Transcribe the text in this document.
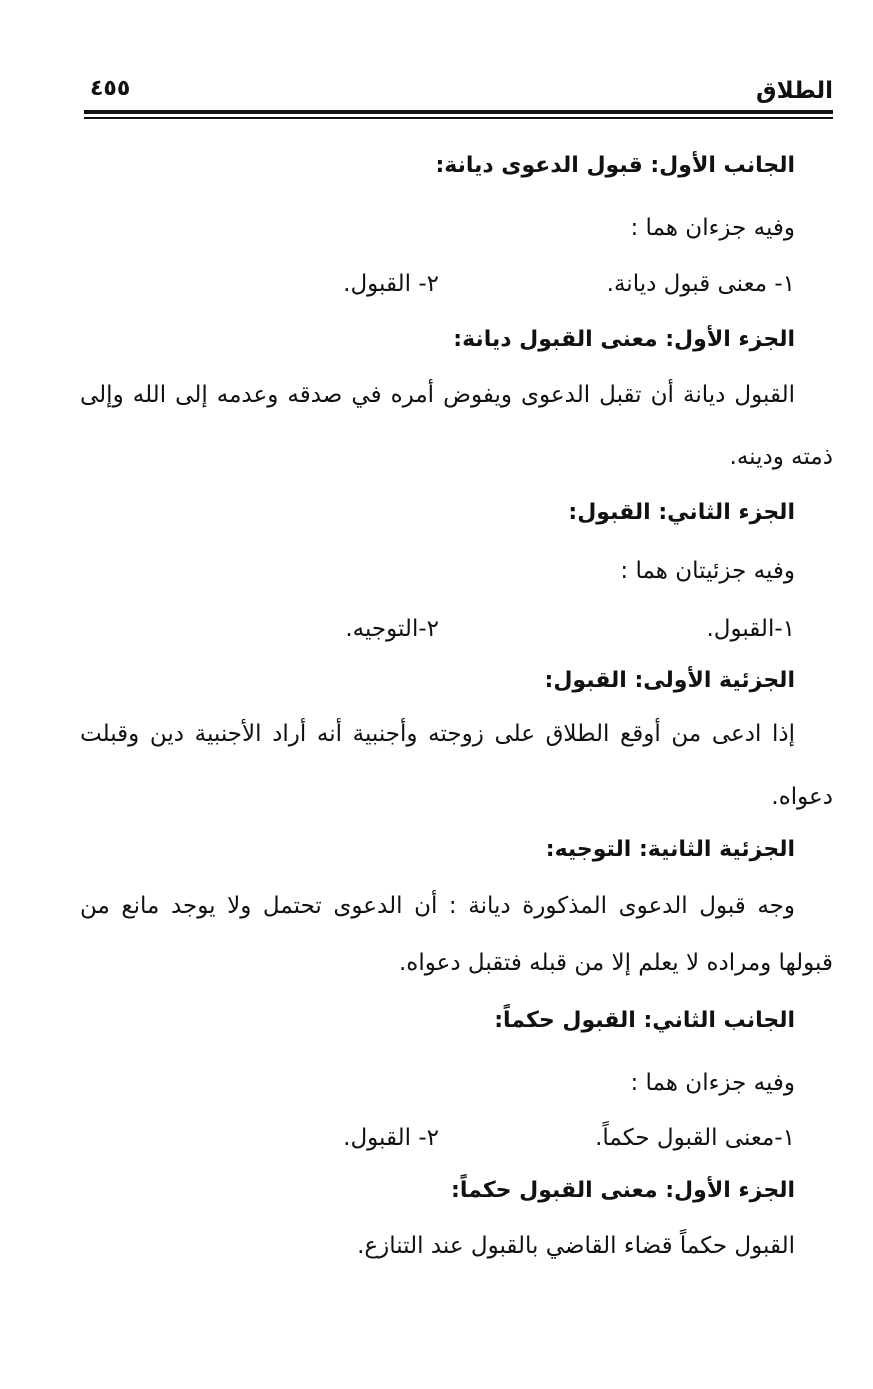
الطلاق
٤٥٥
الجانب الأول: قبول الدعوى ديانة:
وفيه جزءان هما :
١- معنى قبول ديانة.
٢- القبول.
الجزء الأول: معنى القبول ديانة:
القبول ديانة أن تقبل الدعوى ويفوض أمره في صدقه وعدمه إلى الله وإلى
ذمته ودينه.
الجزء الثاني: القبول:
وفيه جزئيتان هما :
١-القبول.
٢-التوجيه.
الجزئية الأولى: القبول:
إذا ادعى من أوقع الطلاق على زوجته وأجنبية أنه أراد الأجنبية دين وقبلت
دعواه.
الجزئية الثانية: التوجيه:
وجه قبول الدعوى المذكورة ديانة : أن الدعوى تحتمل ولا يوجد مانع من
قبولها ومراده لا يعلم إلا من قبله فتقبل دعواه.
الجانب الثاني: القبول حكماً:
وفيه جزءان هما :
١-معنى القبول حكماً.
٢- القبول.
الجزء الأول: معنى القبول حكماً:
القبول حكماً قضاء القاضي بالقبول عند التنازع.
